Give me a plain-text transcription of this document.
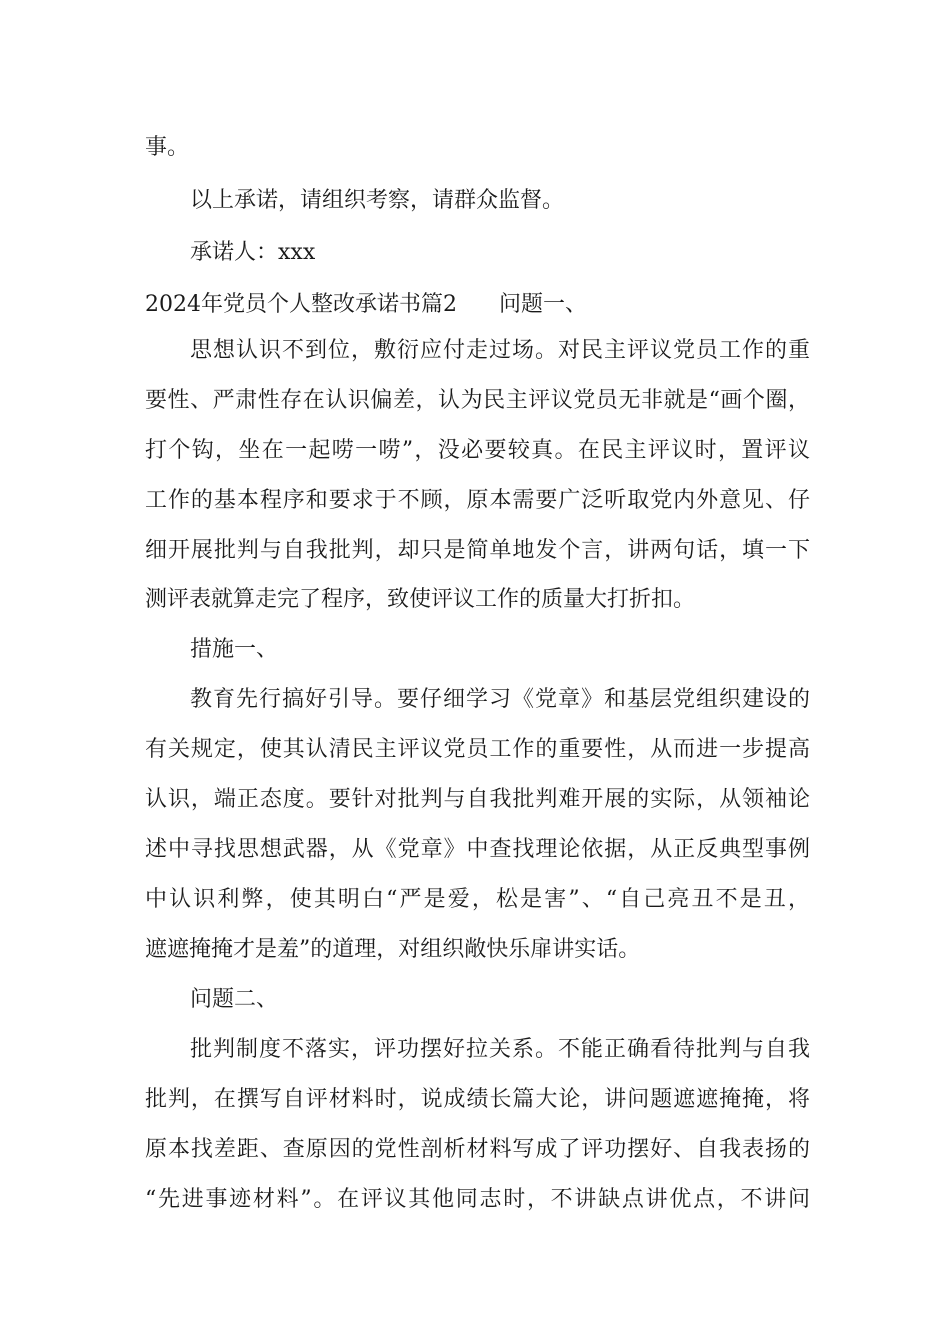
事。
以上承诺，请组织考察，请群众监督。
承诺人：xxx
2024年党员个人整改承诺书篇2 问题一、
思想认识不到位，敷衍应付走过场。对民主评议党员工作的重
要性、严肃性存在认识偏差，认为民主评议党员无非就是“画个圈，
打个钩，坐在一起唠一唠”，没必要较真。在民主评议时，置评议
工作的基本程序和要求于不顾，原本需要广泛听取党内外意见、仔
细开展批判与自我批判，却只是简单地发个言，讲两句话，填一下
测评表就算走完了程序，致使评议工作的质量大打折扣。
措施一、
教育先行搞好引导。要仔细学习《党章》和基层党组织建设的
有关规定，使其认清民主评议党员工作的重要性，从而进一步提高
认识，端正态度。要针对批判与自我批判难开展的实际，从领袖论
述中寻找思想武器，从《党章》中查找理论依据，从正反典型事例
中认识利弊，使其明白“严是爱，松是害”、“自己亮丑不是丑，
遮遮掩掩才是羞”的道理，对组织敞快乐扉讲实话。
问题二、
批判制度不落实，评功摆好拉关系。不能正确看待批判与自我
批判，在撰写自评材料时，说成绩长篇大论，讲问题遮遮掩掩，将
原本找差距、查原因的党性剖析材料写成了评功摆好、自我表扬的
“先进事迹材料”。在评议其他同志时，不讲缺点讲优点，不讲问
